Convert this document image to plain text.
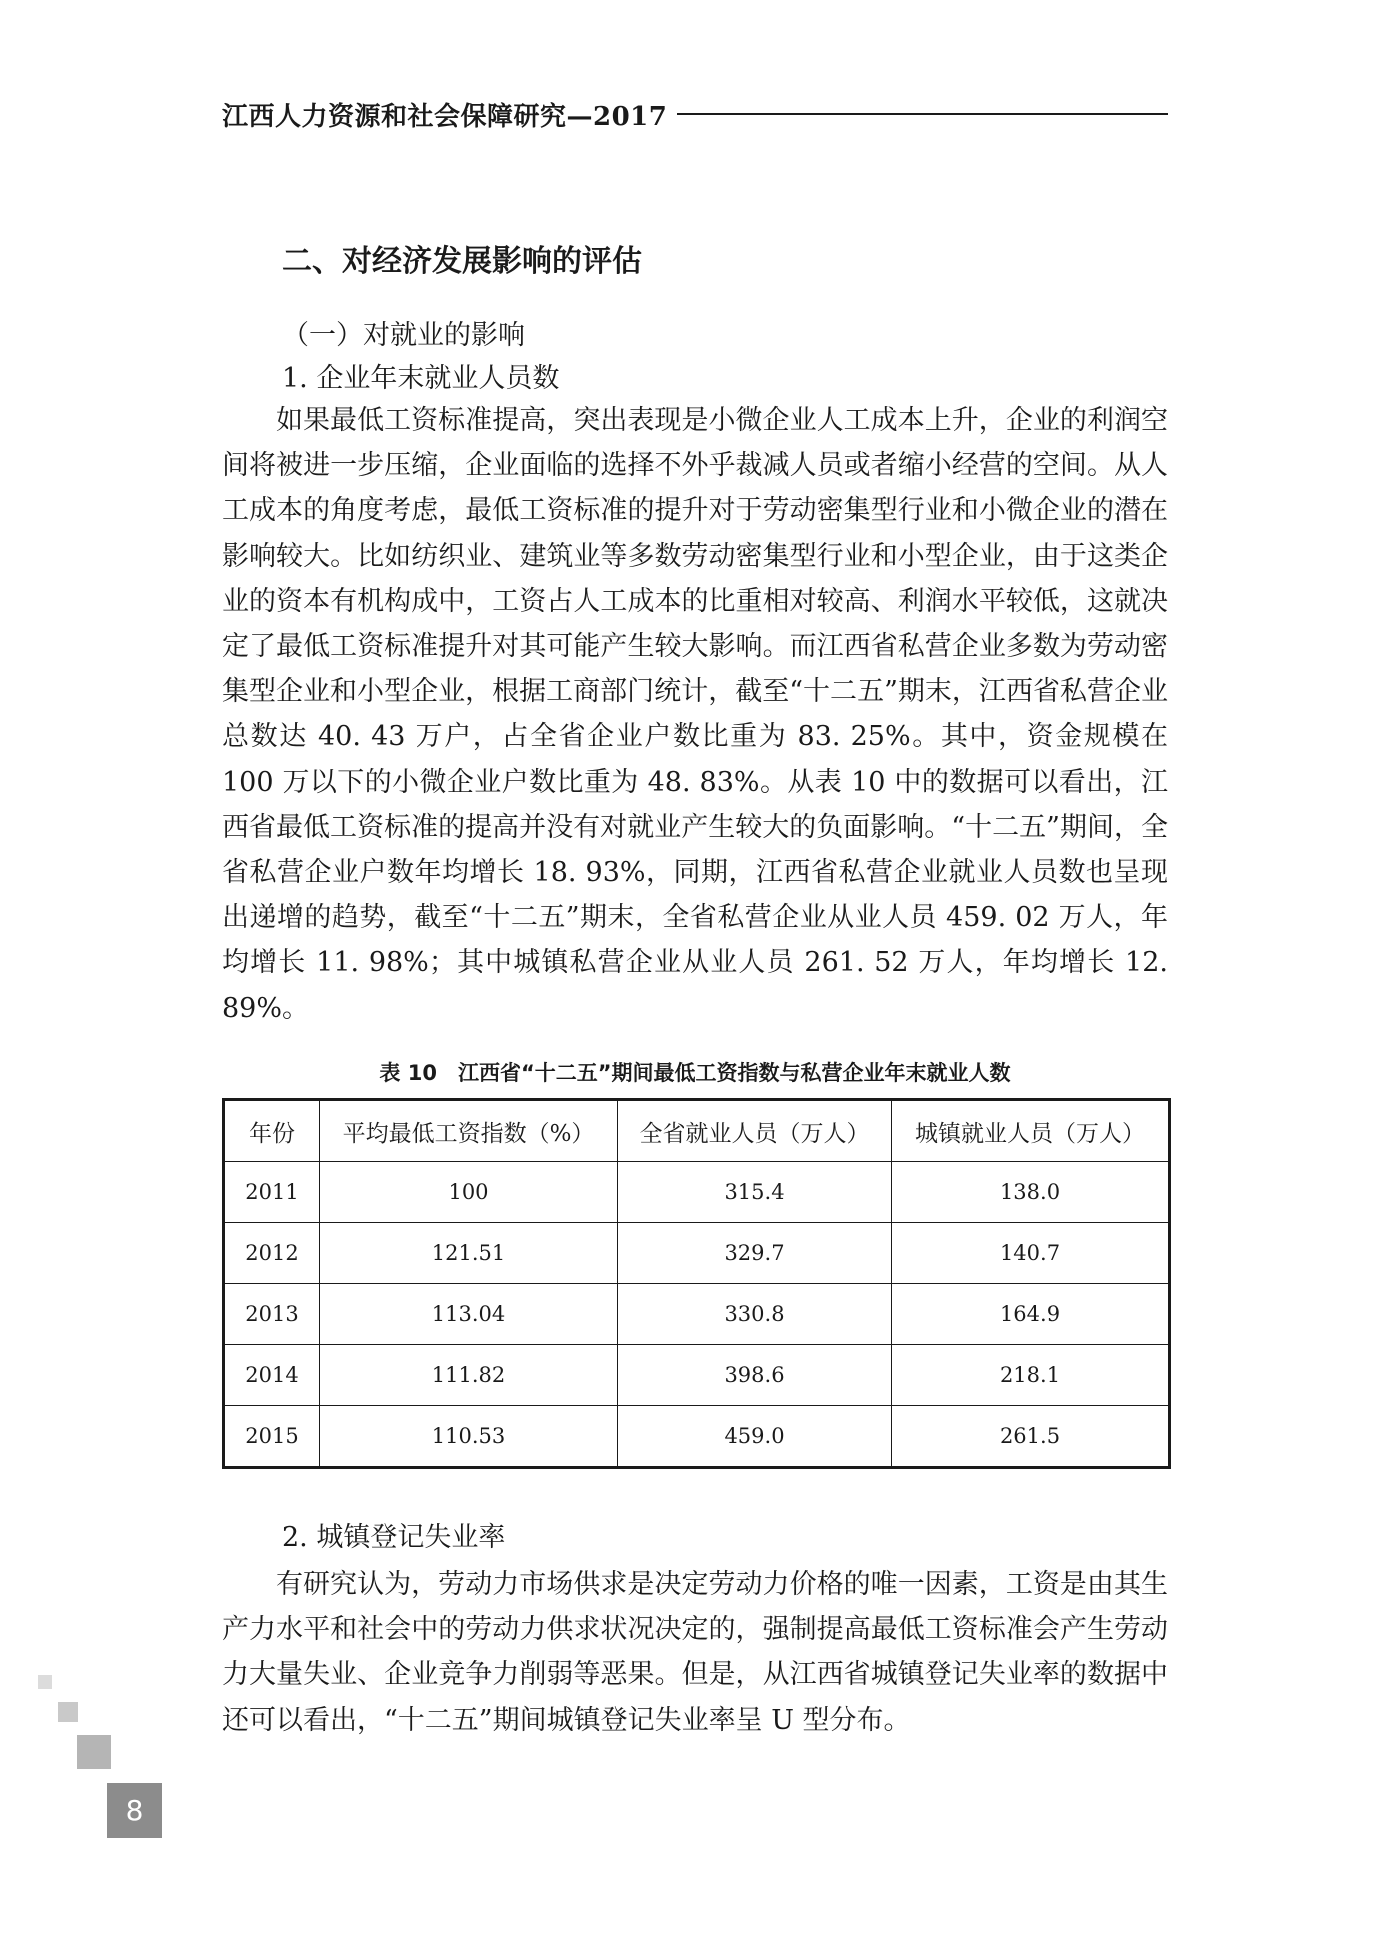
江西人力资源和社会保障研究—2017
二、对经济发展影响的评估
（一）对就业的影响
1. 企业年末就业人员数
如果最低工资标准提高，突出表现是小微企业人工成本上升，企业的利润空间将被进一步压缩，企业面临的选择不外乎裁减人员或者缩小经营的空间。从人工成本的角度考虑，最低工资标准的提升对于劳动密集型行业和小微企业的潜在影响较大。比如纺织业、建筑业等多数劳动密集型行业和小型企业，由于这类企业的资本有机构成中，工资占人工成本的比重相对较高、利润水平较低，这就决定了最低工资标准提升对其可能产生较大影响。而江西省私营企业多数为劳动密集型企业和小型企业，根据工商部门统计，截至“十二五”期末，江西省私营企业总数达 40. 43 万户，占全省企业户数比重为 83. 25%。其中，资金规模在 100 万以下的小微企业户数比重为 48. 83%。从表 10 中的数据可以看出，江西省最低工资标准的提高并没有对就业产生较大的负面影响。“十二五”期间，全省私营企业户数年均增长 18. 93%，同期，江西省私营企业就业人员数也呈现出递增的趋势，截至“十二五”期末，全省私营企业从业人员 459. 02 万人，年均增长 11. 98%；其中城镇私营企业从业人员 261. 52 万人，年均增长 12. 89%。
表 10　江西省“十二五”期间最低工资指数与私营企业年末就业人数
年份	平均最低工资指数（%）	全省就业人员（万人）	城镇就业人员（万人）
2011	100	315.4	138.0
2012	121.51	329.7	140.7
2013	113.04	330.8	164.9
2014	111.82	398.6	218.1
2015	110.53	459.0	261.5
2. 城镇登记失业率
有研究认为，劳动力市场供求是决定劳动力价格的唯一因素，工资是由其生产力水平和社会中的劳动力供求状况决定的，强制提高最低工资标准会产生劳动力大量失业、企业竞争力削弱等恶果。但是，从江西省城镇登记失业率的数据中还可以看出，“十二五”期间城镇登记失业率呈 U 型分布。
8
